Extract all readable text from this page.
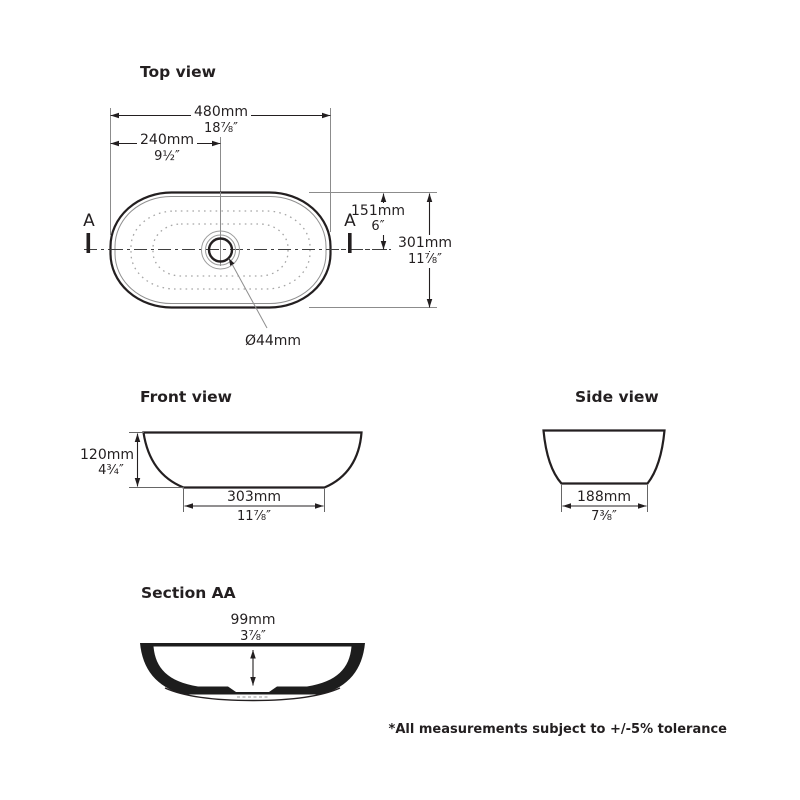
Top view
Front view	Side view
Section AA
480mm
18⅞″
240mm
9½″
151mm
6″
301mm
11⅞″
Ø44mm
A	A
120mm
4¾″
303mm
11⅞″
188mm
7⅜″
99mm
3⅞″
*All measurements subject to +/-5% tolerance
